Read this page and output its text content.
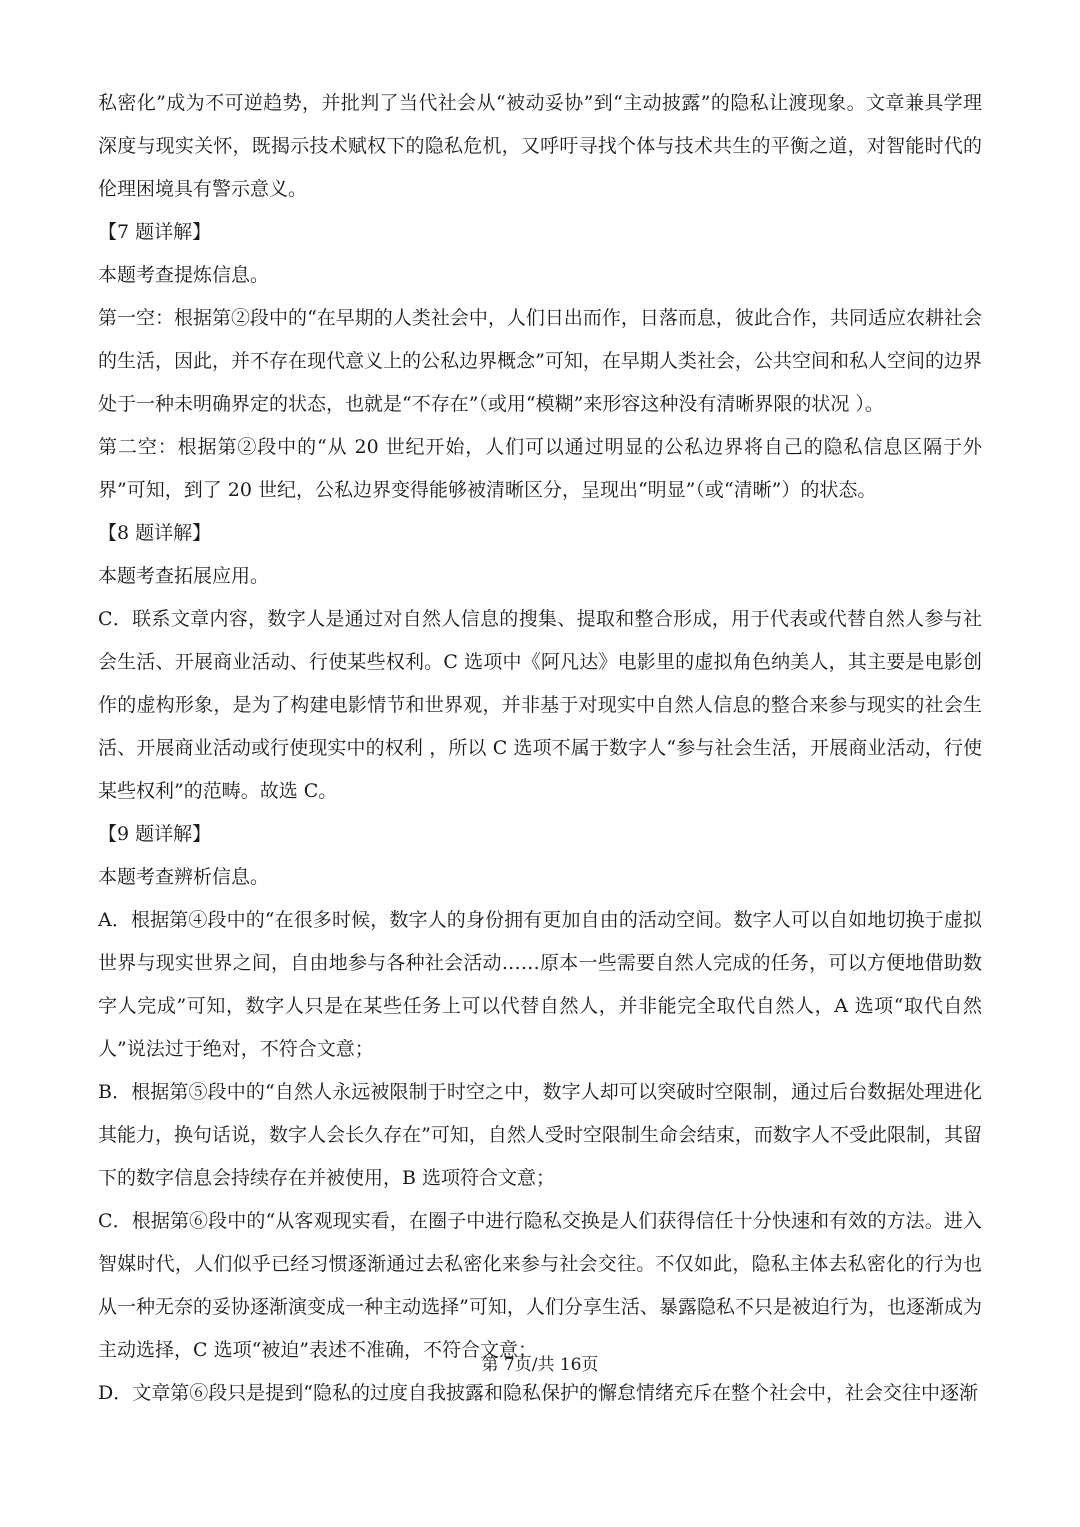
私密化”成为不可逆趋势，并批判了当代社会从“被动妥协”到“主动披露”的隐私让渡现象。文章兼具学理深度与现实关怀，既揭示技术赋权下的隐私危机，又呼吁寻找个体与技术共生的平衡之道，对智能时代的伦理困境具有警示意义。

【7 题详解】

本题考查提炼信息。

第一空：根据第②段中的“在早期的人类社会中，人们日出而作，日落而息，彼此合作，共同适应农耕社会的生活，因此，并不存在现代意义上的公私边界概念”可知，在早期人类社会，公共空间和私人空间的边界处于一种未明确界定的状态，也就是“不存在”（或用“模糊”来形容这种没有清晰界限的状况 ）。

第二空：根据第②段中的“从 20 世纪开始，人们可以通过明显的公私边界将自己的隐私信息区隔于外界”可知，到了 20 世纪，公私边界变得能够被清晰区分，呈现出“明显”（或“清晰”）的状态。

【8 题详解】

本题考查拓展应用。

C．联系文章内容，数字人是通过对自然人信息的搜集、提取和整合形成，用于代表或代替自然人参与社会生活、开展商业活动、行使某些权利。C 选项中《阿凡达》电影里的虚拟角色纳美人，其主要是电影创作的虚构形象，是为了构建电影情节和世界观，并非基于对现实中自然人信息的整合来参与现实的社会生活、开展商业活动或行使现实中的权利 ，所以 C 选项不属于数字人“参与社会生活，开展商业活动，行使某些权利”的范畴。故选 C。

【9 题详解】

本题考查辨析信息。

A．根据第④段中的“在很多时候，数字人的身份拥有更加自由的活动空间。数字人可以自如地切换于虚拟世界与现实世界之间，自由地参与各种社会活动……原本一些需要自然人完成的任务，可以方便地借助数字人完成”可知，数字人只是在某些任务上可以代替自然人，并非能完全取代自然人，A 选项“取代自然人”说法过于绝对，不符合文意；

B．根据第⑤段中的“自然人永远被限制于时空之中，数字人却可以突破时空限制，通过后台数据处理进化其能力，换句话说，数字人会长久存在”可知，自然人受时空限制生命会结束，而数字人不受此限制，其留下的数字信息会持续存在并被使用，B 选项符合文意；

C．根据第⑥段中的“从客观现实看，在圈子中进行隐私交换是人们获得信任十分快速和有效的方法。进入智媒时代，人们似乎已经习惯逐渐通过去私密化来参与社会交往。不仅如此，隐私主体去私密化的行为也从一种无奈的妥协逐渐演变成一种主动选择”可知，人们分享生活、暴露隐私不只是被迫行为，也逐渐成为主动选择，C 选项“被迫”表述不准确，不符合文意；

D．文章第⑥段只是提到“隐私的过度自我披露和隐私保护的懈怠情绪充斥在整个社会中，社会交往中逐渐

第 7页/共 16页
